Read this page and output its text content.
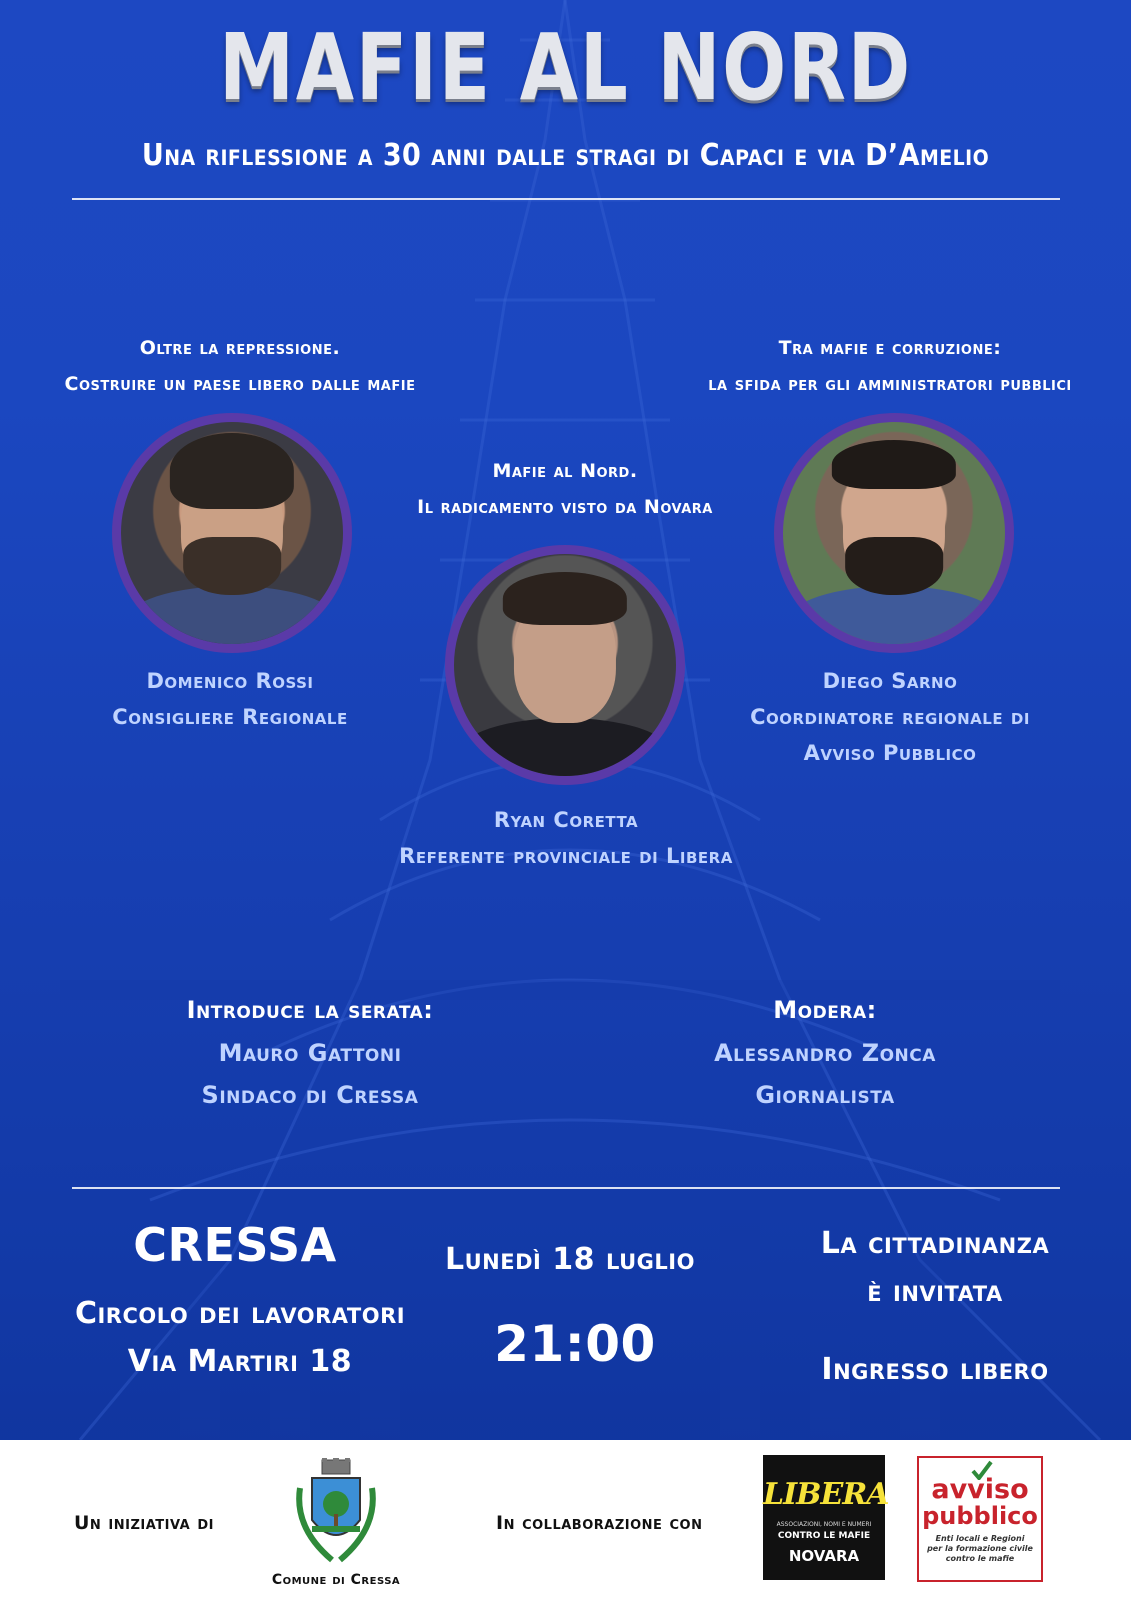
MAFIE AL NORD
Una riflessione a 30 anni dalle stragi di Capaci e via D’Amelio
Oltre la repressione.
Costruire un paese libero dalle mafie
Domenico Rossi
Consigliere Regionale
Mafie al Nord.
Il radicamento visto da Novara
Ryan Coretta
Referente provinciale di Libera
Tra mafie e corruzione:
la sfida per gli amministratori pubblici
Diego Sarno
Coordinatore regionale di
Avviso Pubblico
Introduce la serata:
Mauro Gattoni
Sindaco di Cressa
Modera:
Alessandro Zonca
Giornalista
CRESSA
Circolo dei lavoratori
Via Martiri 18
Lunedì 18 luglio
21:00
La cittadinanza
è invitata
Ingresso libero
Un iniziativa di
Comune di Cressa
In collaborazione con
LIBERA
ASSOCIAZIONI, NOMI E NUMERI
CONTRO LE MAFIE
NOVARA
avviso
pubblico
Enti locali e Regioni
per la formazione civile
contro le mafie
